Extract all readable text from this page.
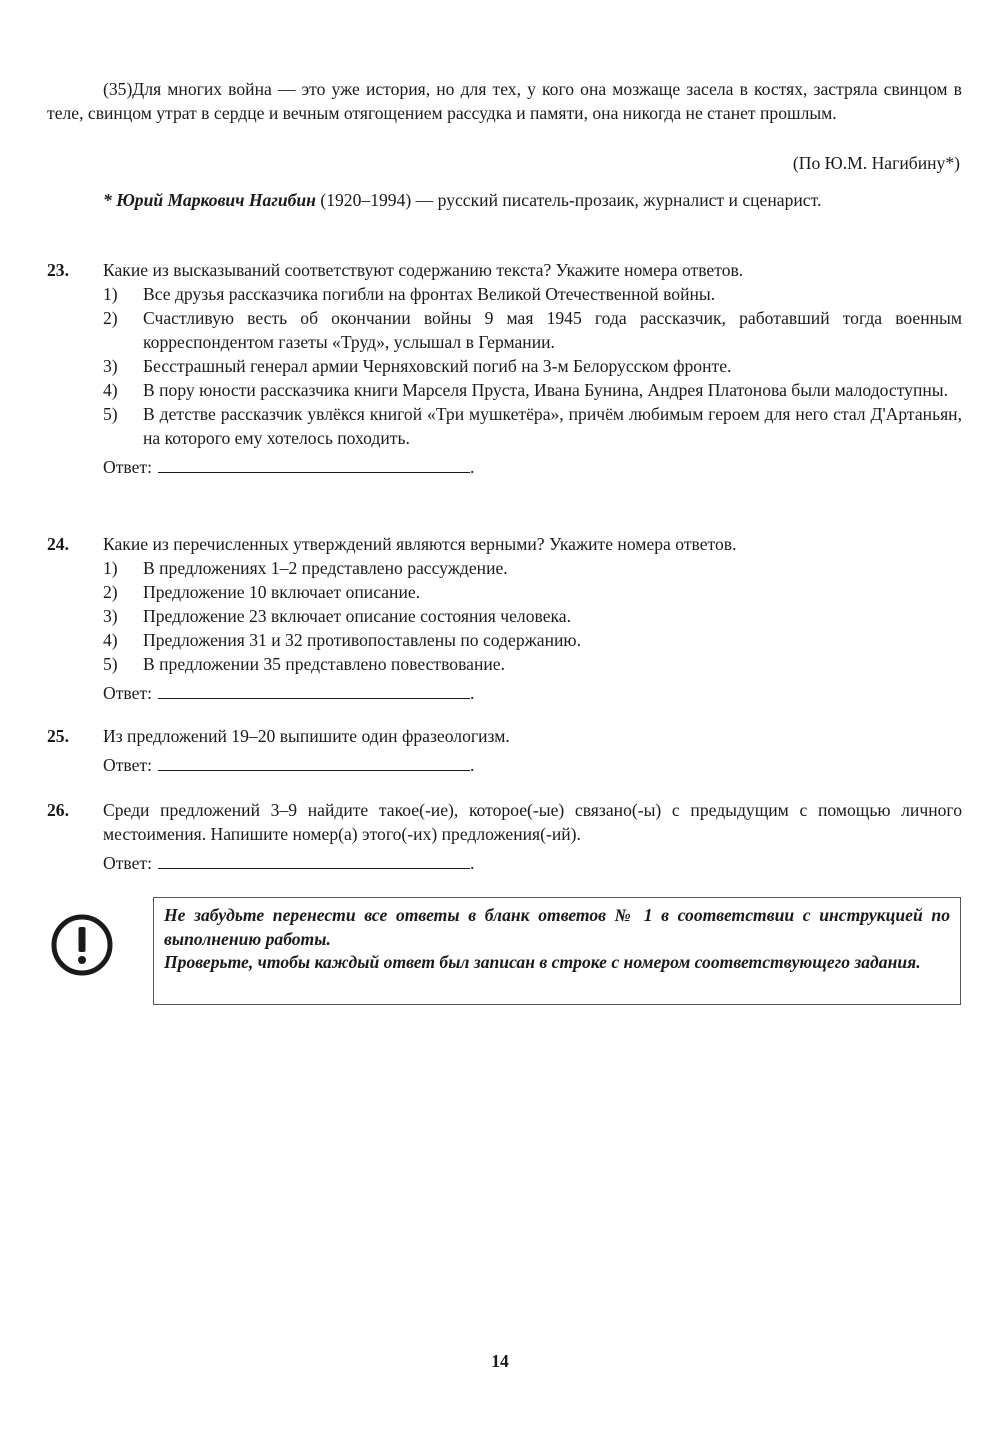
(35)Для многих война — это уже история, но для тех, у кого она мозжаще засела в костях, застряла свинцом в теле, свинцом утрат в сердце и вечным отягощением рассудка и памяти, она никогда не станет прошлым.
(По Ю.М. Нагибину*)
* Юрий Маркович Нагибин (1920–1994) — русский писатель-прозаик, журналист и сценарист.
23. Какие из высказываний соответствуют содержанию текста? Укажите номера ответов.
1) Все друзья рассказчика погибли на фронтах Великой Отечественной войны.
2) Счастливую весть об окончании войны 9 мая 1945 года рассказчик, работавший тогда военным корреспондентом газеты «Труд», услышал в Германии.
3) Бесстрашный генерал армии Черняховский погиб на 3-м Белорусском фронте.
4) В пору юности рассказчика книги Марселя Пруста, Ивана Бунина, Андрея Платонова были малодоступны.
5) В детстве рассказчик увлёкся книгой «Три мушкетёра», причём любимым героем для него стал Д'Артаньян, на которого ему хотелось походить.
Ответ:	.
24. Какие из перечисленных утверждений являются верными? Укажите номера ответов.
1) В предложениях 1–2 представлено рассуждение.
2) Предложение 10 включает описание.
3) Предложение 23 включает описание состояния человека.
4) Предложения 31 и 32 противопоставлены по содержанию.
5) В предложении 35 представлено повествование.
Ответ:	.
25. Из предложений 19–20 выпишите один фразеологизм.
Ответ:	.
26. Среди предложений 3–9 найдите такое(-ие), которое(-ые) связано(-ы) с предыдущим с помощью личного местоимения. Напишите номер(а) этого(-их) предложения(-ий).
Ответ:	.
Не забудьте перенести все ответы в бланк ответов № 1 в соответствии с инструкцией по выполнению работы.
Проверьте, чтобы каждый ответ был записан в строке с номером соответствующего задания.
14
